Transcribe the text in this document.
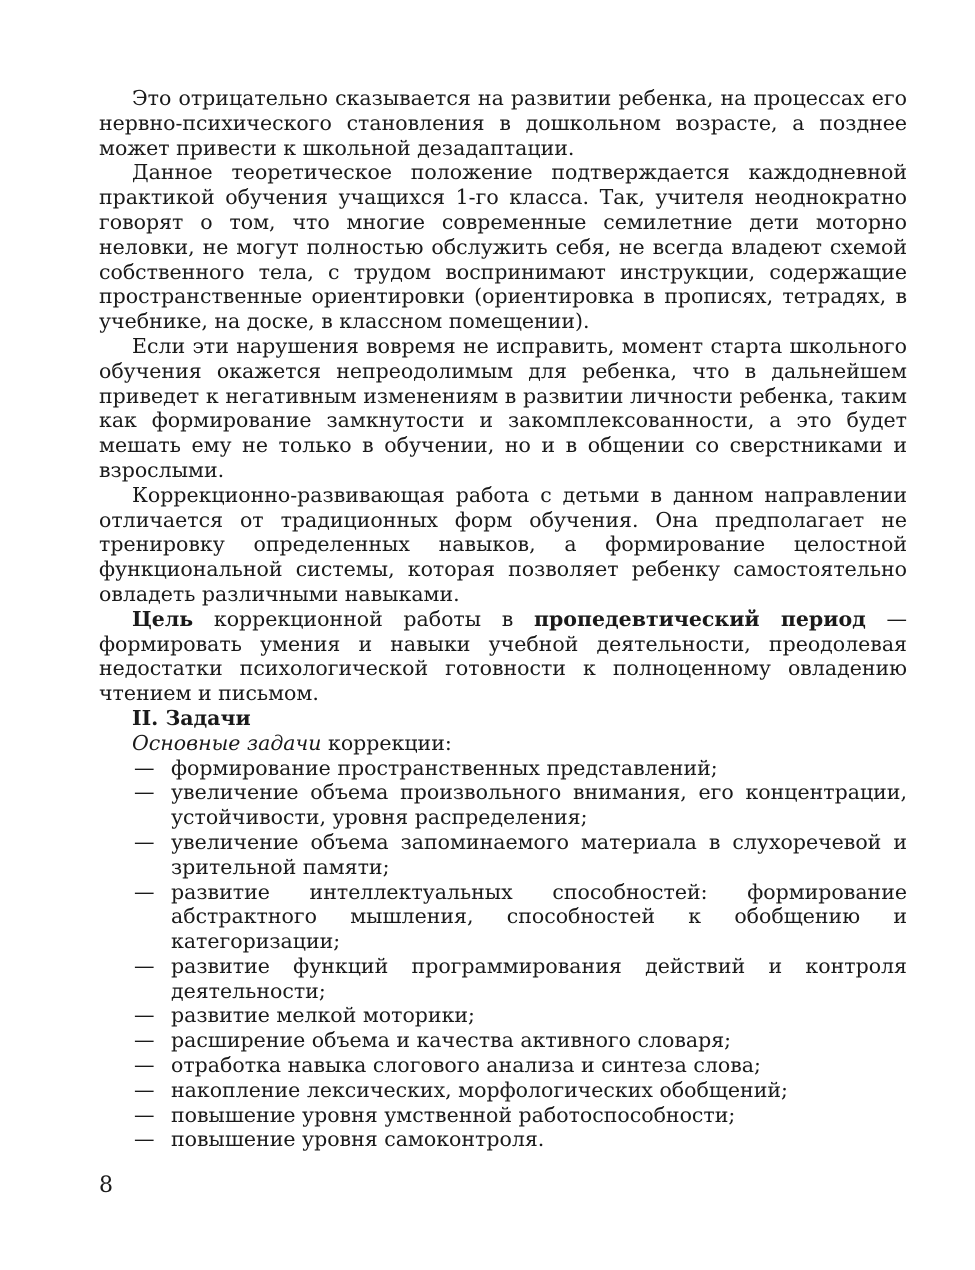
Это отрицательно сказывается на развитии ребенка, на процессах его нервно-психического становления в дошкольном возрасте, а позднее может привести к школьной дезадаптации.

Данное теоретическое положение подтверждается каждодневной практикой обучения учащихся 1-го класса. Так, учителя неоднократно говорят о том, что многие современные семилетние дети моторно неловки, не могут полностью обслужить себя, не всегда владеют схемой собственного тела, с трудом воспринимают инструкции, содержащие пространственные ориентировки (ориентировка в прописях, тетрадях, в учебнике, на доске, в классном помещении).

Если эти нарушения вовремя не исправить, момент старта школьного обучения окажется непреодолимым для ребенка, что в дальнейшем приведет к негативным изменениям в развитии личности ребенка, таким как формирование замкнутости и закомплексованности, а это будет мешать ему не только в обучении, но и в общении со сверстниками и взрослыми.

Коррекционно-развивающая работа с детьми в данном направлении отличается от традиционных форм обучения. Она предполагает не тренировку определенных навыков, а формирование целостной функциональной системы, которая позволяет ребенку самостоятельно овладеть различными навыками.

Цель коррекционной работы в пропедевтический период — формировать умения и навыки учебной деятельности, преодолевая недостатки психологической готовности к полноценному овладению чтением и письмом.

II. Задачи

Основные задачи коррекции:

— формирование пространственных представлений;
— увеличение объема произвольного внимания, его концентрации, устойчивости, уровня распределения;
— увеличение объема запоминаемого материала в слухоречевой и зрительной памяти;
— развитие интеллектуальных способностей: формирование абстрактного мышления, способностей к обобщению и категоризации;
— развитие функций программирования действий и контроля деятельности;
— развитие мелкой моторики;
— расширение объема и качества активного словаря;
— отработка навыка слогового анализа и синтеза слова;
— накопление лексических, морфологических обобщений;
— повышение уровня умственной работоспособности;
— повышение уровня самоконтроля.
8
